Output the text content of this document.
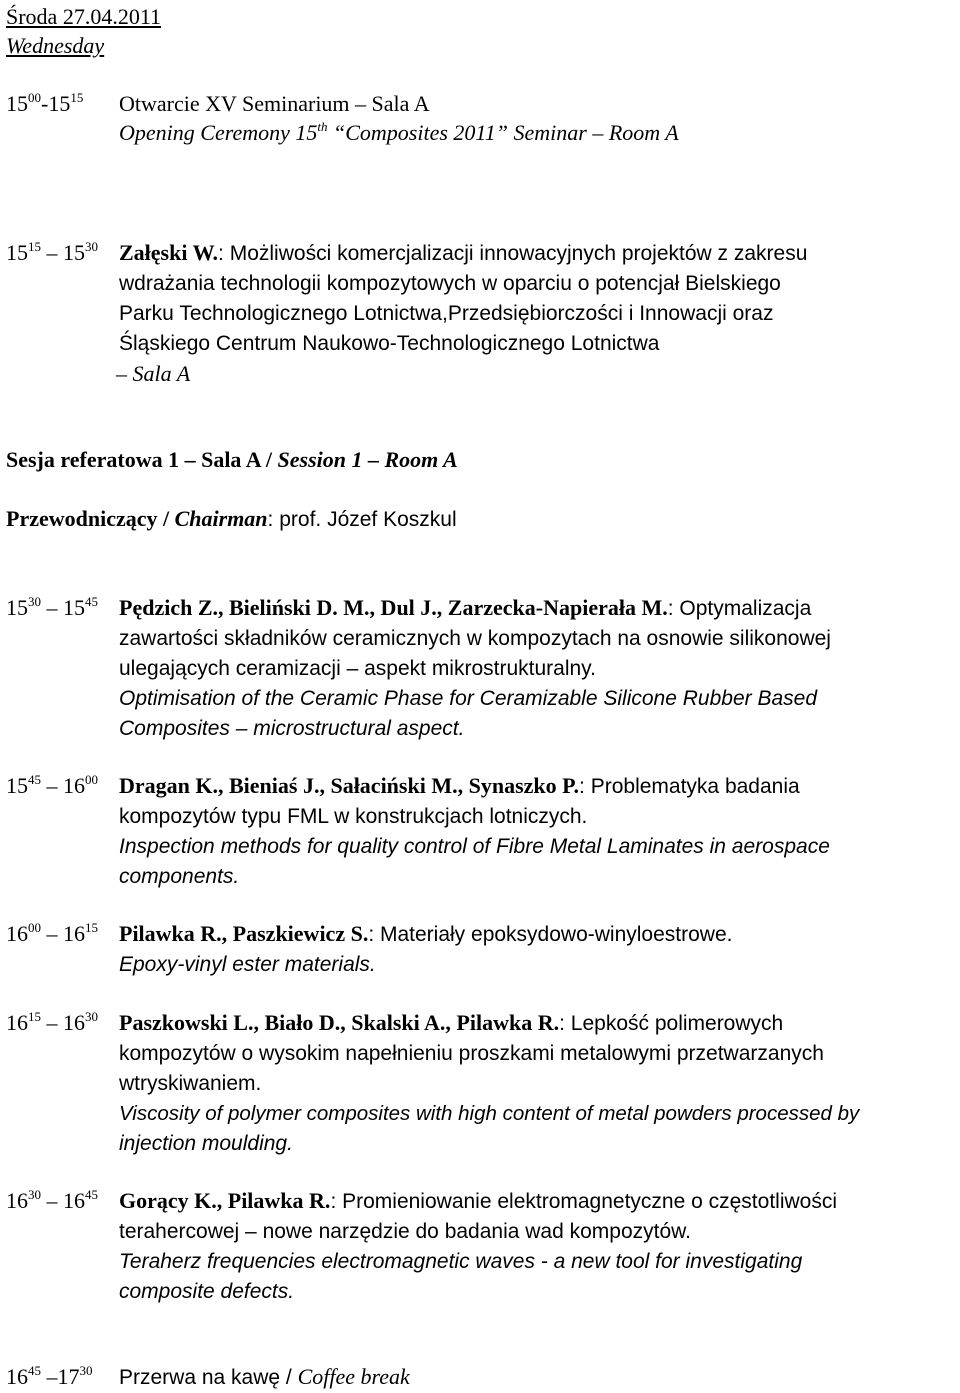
Środa 27.04.2011
Wednesday
$15^{00}-15^{15}$ Otwarcie XV Seminarium – Sala A
Opening Ceremony 15th “Composites 2011” Seminar – Room A
$15^{15} - 15^{30}$ Załęski W.: Możliwości komercjalizacji innowacyjnych projektów z zakresu
wdrażania technologii kompozytowych w oparciu o potencjał Bielskiego
Parku Technologicznego Lotnictwa,Przedsiębiorczości i Innowacji oraz
Śląskiego Centrum Naukowo-Technologicznego Lotnictwa
– Sala A
Sesja referatowa 1 – Sala A / Session 1 – Room A
Przewodniczący / Chairman: prof. Józef Koszkul
$15^{30} - 15^{45}$ Pędzich Z., Bieliński D. M., Dul J., Zarzecka-Napierała M.: Optymalizacja
zawartości składników ceramicznych w kompozytach na osnowie silikonowej
ulegających ceramizacji – aspekt mikrostrukturalny.
Optimisation of the Ceramic Phase for Ceramizable Silicone Rubber Based
Composites – microstructural aspect.
$15^{45} - 16^{00}$ Dragan K., Bieniaś J., Sałaciński M., Synaszko P.: Problematyka badania
kompozytów typu FML w konstrukcjach lotniczych.
Inspection methods for quality control of Fibre Metal Laminates in aerospace
components.
$16^{00} - 16^{15}$ Pilawka R., Paszkiewicz S.: Materiały epoksydowo-winyloestrowe.
Epoxy-vinyl ester materials.
$16^{15} - 16^{30}$ Paszkowski L., Biało D., Skalski A., Pilawka R.: Lepkość polimerowych
kompozytów o wysokim napełnieniu proszkami metalowymi przetwarzanych
wtryskiwaniem.
Viscosity of polymer composites with high content of metal powders processed by
injection moulding.
$16^{30} - 16^{45}$ Gorący K., Pilawka R.: Promieniowanie elektromagnetyczne o częstotliwości
terahercowej – nowe narzędzie do badania wad kompozytów.
Teraherz frequencies electromagnetic waves - a new tool for investigating
composite defects.
$16^{45}$ $-17^{30}$ Przerwa na kawę / Coffee break
